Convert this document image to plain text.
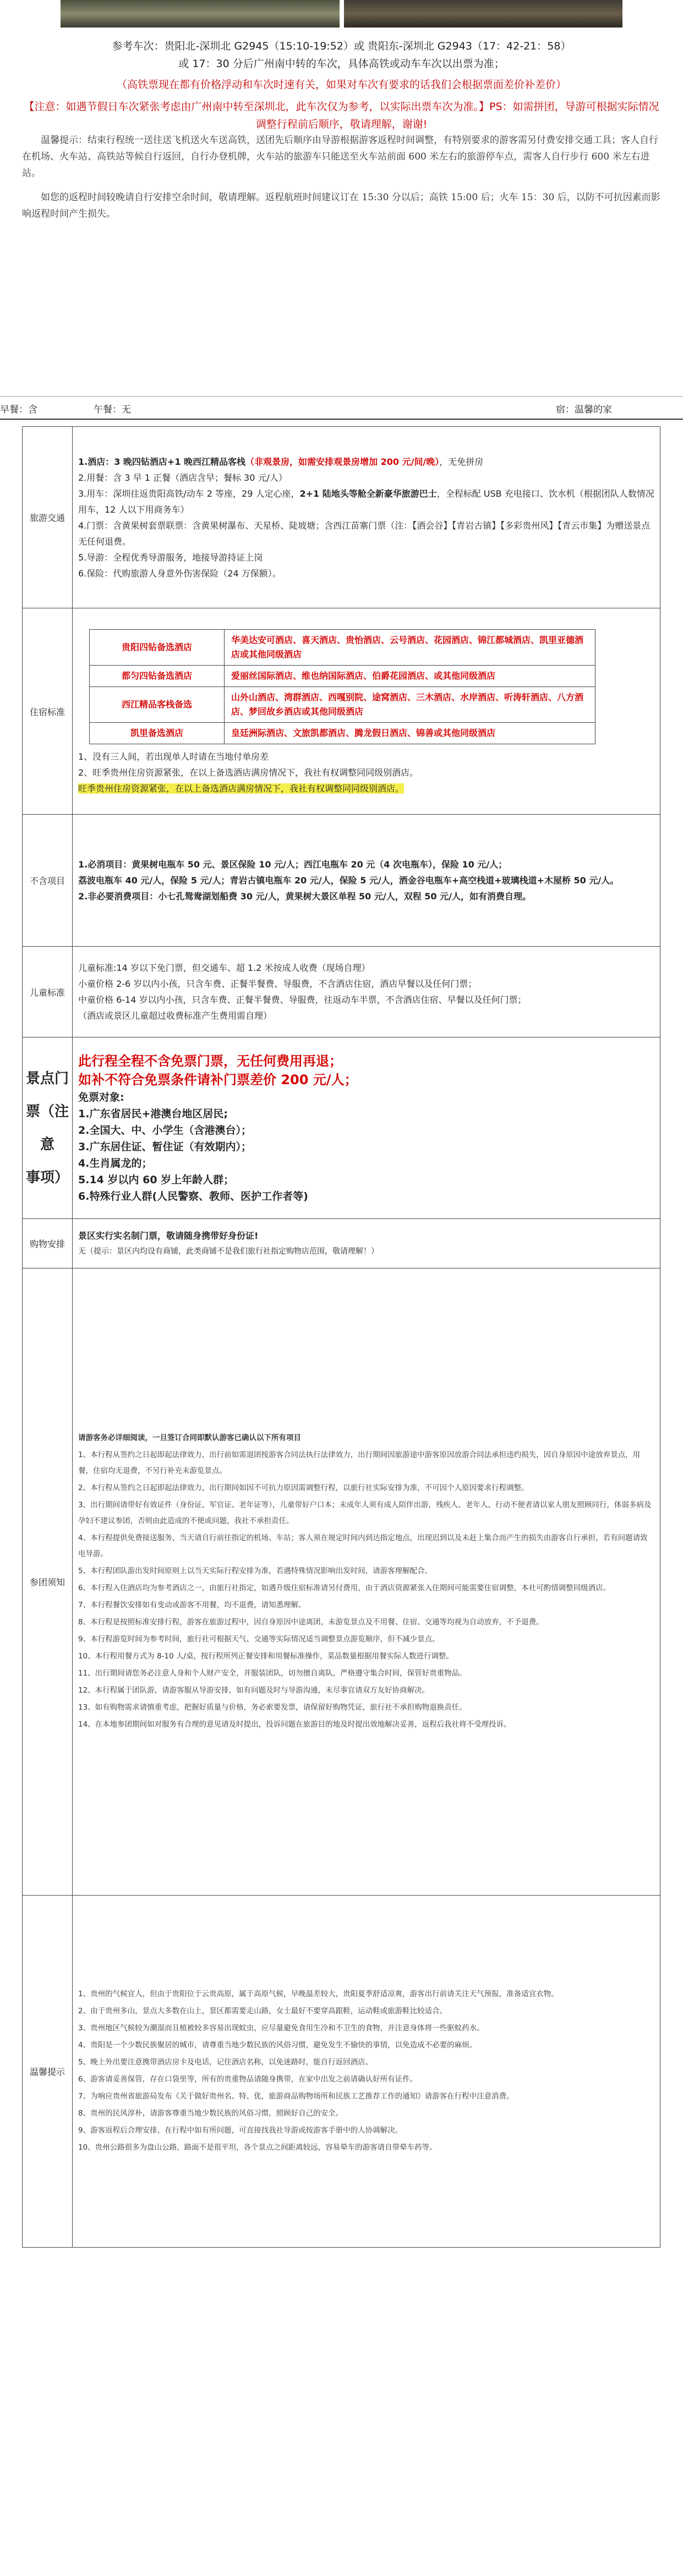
参考车次：贵阳北-深圳北 G2945（15:10-19:52）或 贵阳东-深圳北 G2943（17：42-21：58）

或 17：30 分后广州南中转的车次，具体高铁或动车车次以出票为准；

（高铁票现在都有价格浮动和车次时速有关，如果对车次有要求的话我们会根据票面差价补差价）

【注意：如遇节假日车次紧张考虑由广州南中转至深圳北，此车次仅为参考，以实际出票车次为准。】PS：如需拼团，导游可根据实际情况调整行程前后顺序，敬请理解，谢谢!

温馨提示：结束行程统一送往送飞机送火车送高铁，送团先后顺序由导游根据游客返程时间调整，有特别要求的游客需另付费安排交通工具；客人自行在机场、火车站、高铁站等候自行返回，自行办登机牌，火车站的旅游车只能送至火车站前面 600 米左右的旅游停车点，需客人自行步行 600 米左右进站。

如您的返程时间较晚请自行安排空余时间，敬请理解。返程航班时间建议订在 15:30 分以后；高铁 15:00 后；火车 15：30 后，以防不可抗因素而影响返程时间产生损失。

早餐：含	午餐：无	宿：温馨的家
旅游交通	
1.酒店：3 晚四钻酒店+1 晚西江精品客栈（非观景房，如需安排观景房增加 200 元/间/晚），无免拼房
2.用餐：含 3 早 1 正餐（酒店含早；餐标 30 元/人）
3.用车：深圳往返贵阳高铁/动车 2 等座，29 人定心座，2+1 陆地头等舱全新豪华旅游巴士，全程标配 USB 充电接口、饮水机（根据团队人数情况用车，12 人以下用商务车）
4.门票：含黄果树套票联票：含黄果树瀑布、天星桥、陡坡塘；含西江苗寨门票（注：【酒会谷】【青岩古镇】【多彩贵州风】【青云市集】为赠送景点无任何退费。
5.导游：全程优秀导游服务，地接导游持证上岗
6.保险：代购旅游人身意外伤害保险（24 万保额）。

住宿标准	
贵阳四钻备选酒店	华美达安可酒店、喜天酒店、贵怡酒店、云号酒店、花园酒店、锦江都城酒店、凯里亚德酒店或其他同级酒店
都匀四钻备选酒店	爱丽丝国际酒店、维也纳国际酒店、伯爵花园酒店、或其他同级酒店
西江精品客栈备选	山外山酒店、湾群酒店、西嘎别院、途窝酒店、三木酒店、水岸酒店、听涛轩酒店、八方酒店、梦回故乡酒店或其他同级酒店
凯里备选酒店	皇廷洲际酒店、文旅凯都酒店、腾龙假日酒店、锦善或其他同级酒店
1、没有三人间，若出现单人时请在当地付单房差
2、旺季贵州住房资源紧张，在以上备选酒店满房情况下，我社有权调整同同级别酒店。
旺季贵州住房资源紧张，在以上备选酒店满房情况下，我社有权调整同同级别酒店。

不含项目	
1.必消项目：黄果树电瓶车 50 元、景区保险 10 元/人；西江电瓶车 20 元（4 次电瓶车），保险 10 元/人；
荔波电瓶车 40 元/人，保险 5 元/人；青岩古镇电瓶车 20 元/人，保险 5 元/人，酒金谷电瓶车+高空栈道+玻璃栈道+木屋桥 50 元/人。
2.非必要消费项目：小七孔鸳鸯湖划船费 30 元/人，黄果树大景区单程 50 元/人，双程 50 元/人，如有消费自理。

儿童标准	
儿童标准:14 岁以下免门票，但交通车、超 1.2 米按成人收费（现场自理）
小童价格 2-6 岁以内小孩，只含车费、正餐半餐费、导服费，不含酒店住宿，酒店早餐以及任何门票；
中童价格 6-14 岁以内小孩，只含车费、正餐半餐费、导服费，往返动车半票，不含酒店住宿、早餐以及任何门票；
（酒店或景区儿童超过收费标准产生费用需自理）

景点门
票（注意
事项）

此行程全程不含免票门票，无任何费用再退；
如补不符合免票条件请补门票差价 200 元/人；
免票对象:
1.广东省居民+港澳台地区居民;
2.全国大、中、小学生（含港澳台）；
3.广东居住证、暂住证（有效期内）；
4.生肖属龙的；
5.14 岁以内 60 岁上年龄人群；
6.特殊行业人群(人民警察、教师、医护工作者等)

购物安排	
景区实行实名制门票，敬请随身携带好身份证!
无（提示：景区内均设有商铺，此类商铺不是我们旅行社指定购物店范围，敬请理解！）

参团须知	

请游客务必详细阅读，一旦签订合同即默认游客已确认以下所有项目

1、本行程从签约之日起即起法律效力，出行前如需退团按游客合同法执行法律效力，出行期间因旅游途中游客原因放游合同法承担违约损失，因自身原因中途放弃景点，用餐，住宿均无退费，不另行补充未游览景点。

2、本行程从签约之日起即起法律效力，出行期间如因不可抗力原因需调整行程，以旅行社实际安排为准，不可因个人原因要求行程调整。

3、出行期间请带好有效证件（身份证、军官证、老年证等），儿童带好户口本；未成年人须有成人陪伴出游，残疾人、老年人、行动不便者请以家人朋友照顾同行，体弱多病及孕妇不建议参团，否则由此造成的不便或问题，我社不承担责任。

4、本行程提供免费接送服务，当天请自行前往指定的机场、车站；客人须在规定时间内到达指定地点，出现迟到以及未赶上集合而产生的损失由游客自行承担，若有问题请致电导游。

5、本行程团队游出发时间原则上以当天实际行程安排为准，若遇特殊情况影响出发时间，请游客理解配合。

6、本行程入住酒店均为参考酒店之一，由旅行社指定，如遇升级住宿标准请另付费用，由于酒店资源紧张入住期间可能需要住宿调整，本社可酌情调整同级酒店。

7、本行程餐饮安排如有变动或游客不用餐，均不退费，请知悉理解。

8、本行程是按照标准安排行程，游客在旅游过程中，因自身原因中途离团，未游览景点及不用餐、住宿、交通等均视为自动放弃，不予退费。

9、本行程游览时间为参考时间，旅行社可根据天气、交通等实际情况适当调整景点游览顺序，但不减少景点。

10、本行程用餐方式为 8-10 人/桌，按行程所列正餐安排和用餐标准操作，菜品数量根据用餐实际人数进行调整。

11、出行期间请您务必注意人身和个人财产安全，并服装团队，切勿擅自离队，严格遵守集合时间，保管好贵重物品。

12、本行程属于团队游，请游客服从导游安排，如有问题及时与导游沟通，未尽事宜请双方友好协商解决。

13、如有购物需求请慎重考虑，把握好质量与价格，务必索要发票，请保留好购物凭证，旅行社不承担购物退换责任。

14、在本地参团期间如对服务有合理的意见请及时提出，投诉问题在旅游目的地及时提出效地解决妥善，返程后我社将不受理投诉。

温馨提示	

1、贵州的气候宜人，但由于贵阳位于云贵高原，属于高原气候，早晚温差较大，贵阳夏季舒适凉爽，游客出行前请关注天气预报，准备适宜衣物。

2、由于贵州多山，景点大多数在山上，景区都需要走山路，女士最好不要穿高跟鞋，运动鞋或旅游鞋比较适合。

3、贵州地区气候较为潮湿而且植被较多容易出现蚊虫，应尽量避免食用生冷和不卫生的食物，并注意身体将一些驱蚊药水。

4、贵阳是一个少数民族聚居的城市，请尊重当地少数民族的风俗习惯，避免发生不愉快的事情，以免造成不必要的麻烦。

5、晚上外出要注意携带酒店房卡及电话，记住酒店名称，以免迷路时，能自行返回酒店。

6、游客请妥善保管，存在口袋里等，所有的贵重物品请随身携带，在家中出发之前请确认好所有证件。

7、为响应贵州省旅游局发布《关于做好贵州名、特、优，旅游商品购物场所和民族工艺推荐工作的通知》请游客在行程中注意消费。

8、贵州的民风淳朴，请游客尊重当地少数民族的风俗习惯，照顾好自己的安全。

9、游客返程后合理安排，在行程中如有所问题，可直接找我社导游或按游客手册中的人协调解决。

10、贵州公路很多为盘山公路，路面不是很平坦，各个景点之间距离较远，容易晕车的游客请自带晕车药等。
